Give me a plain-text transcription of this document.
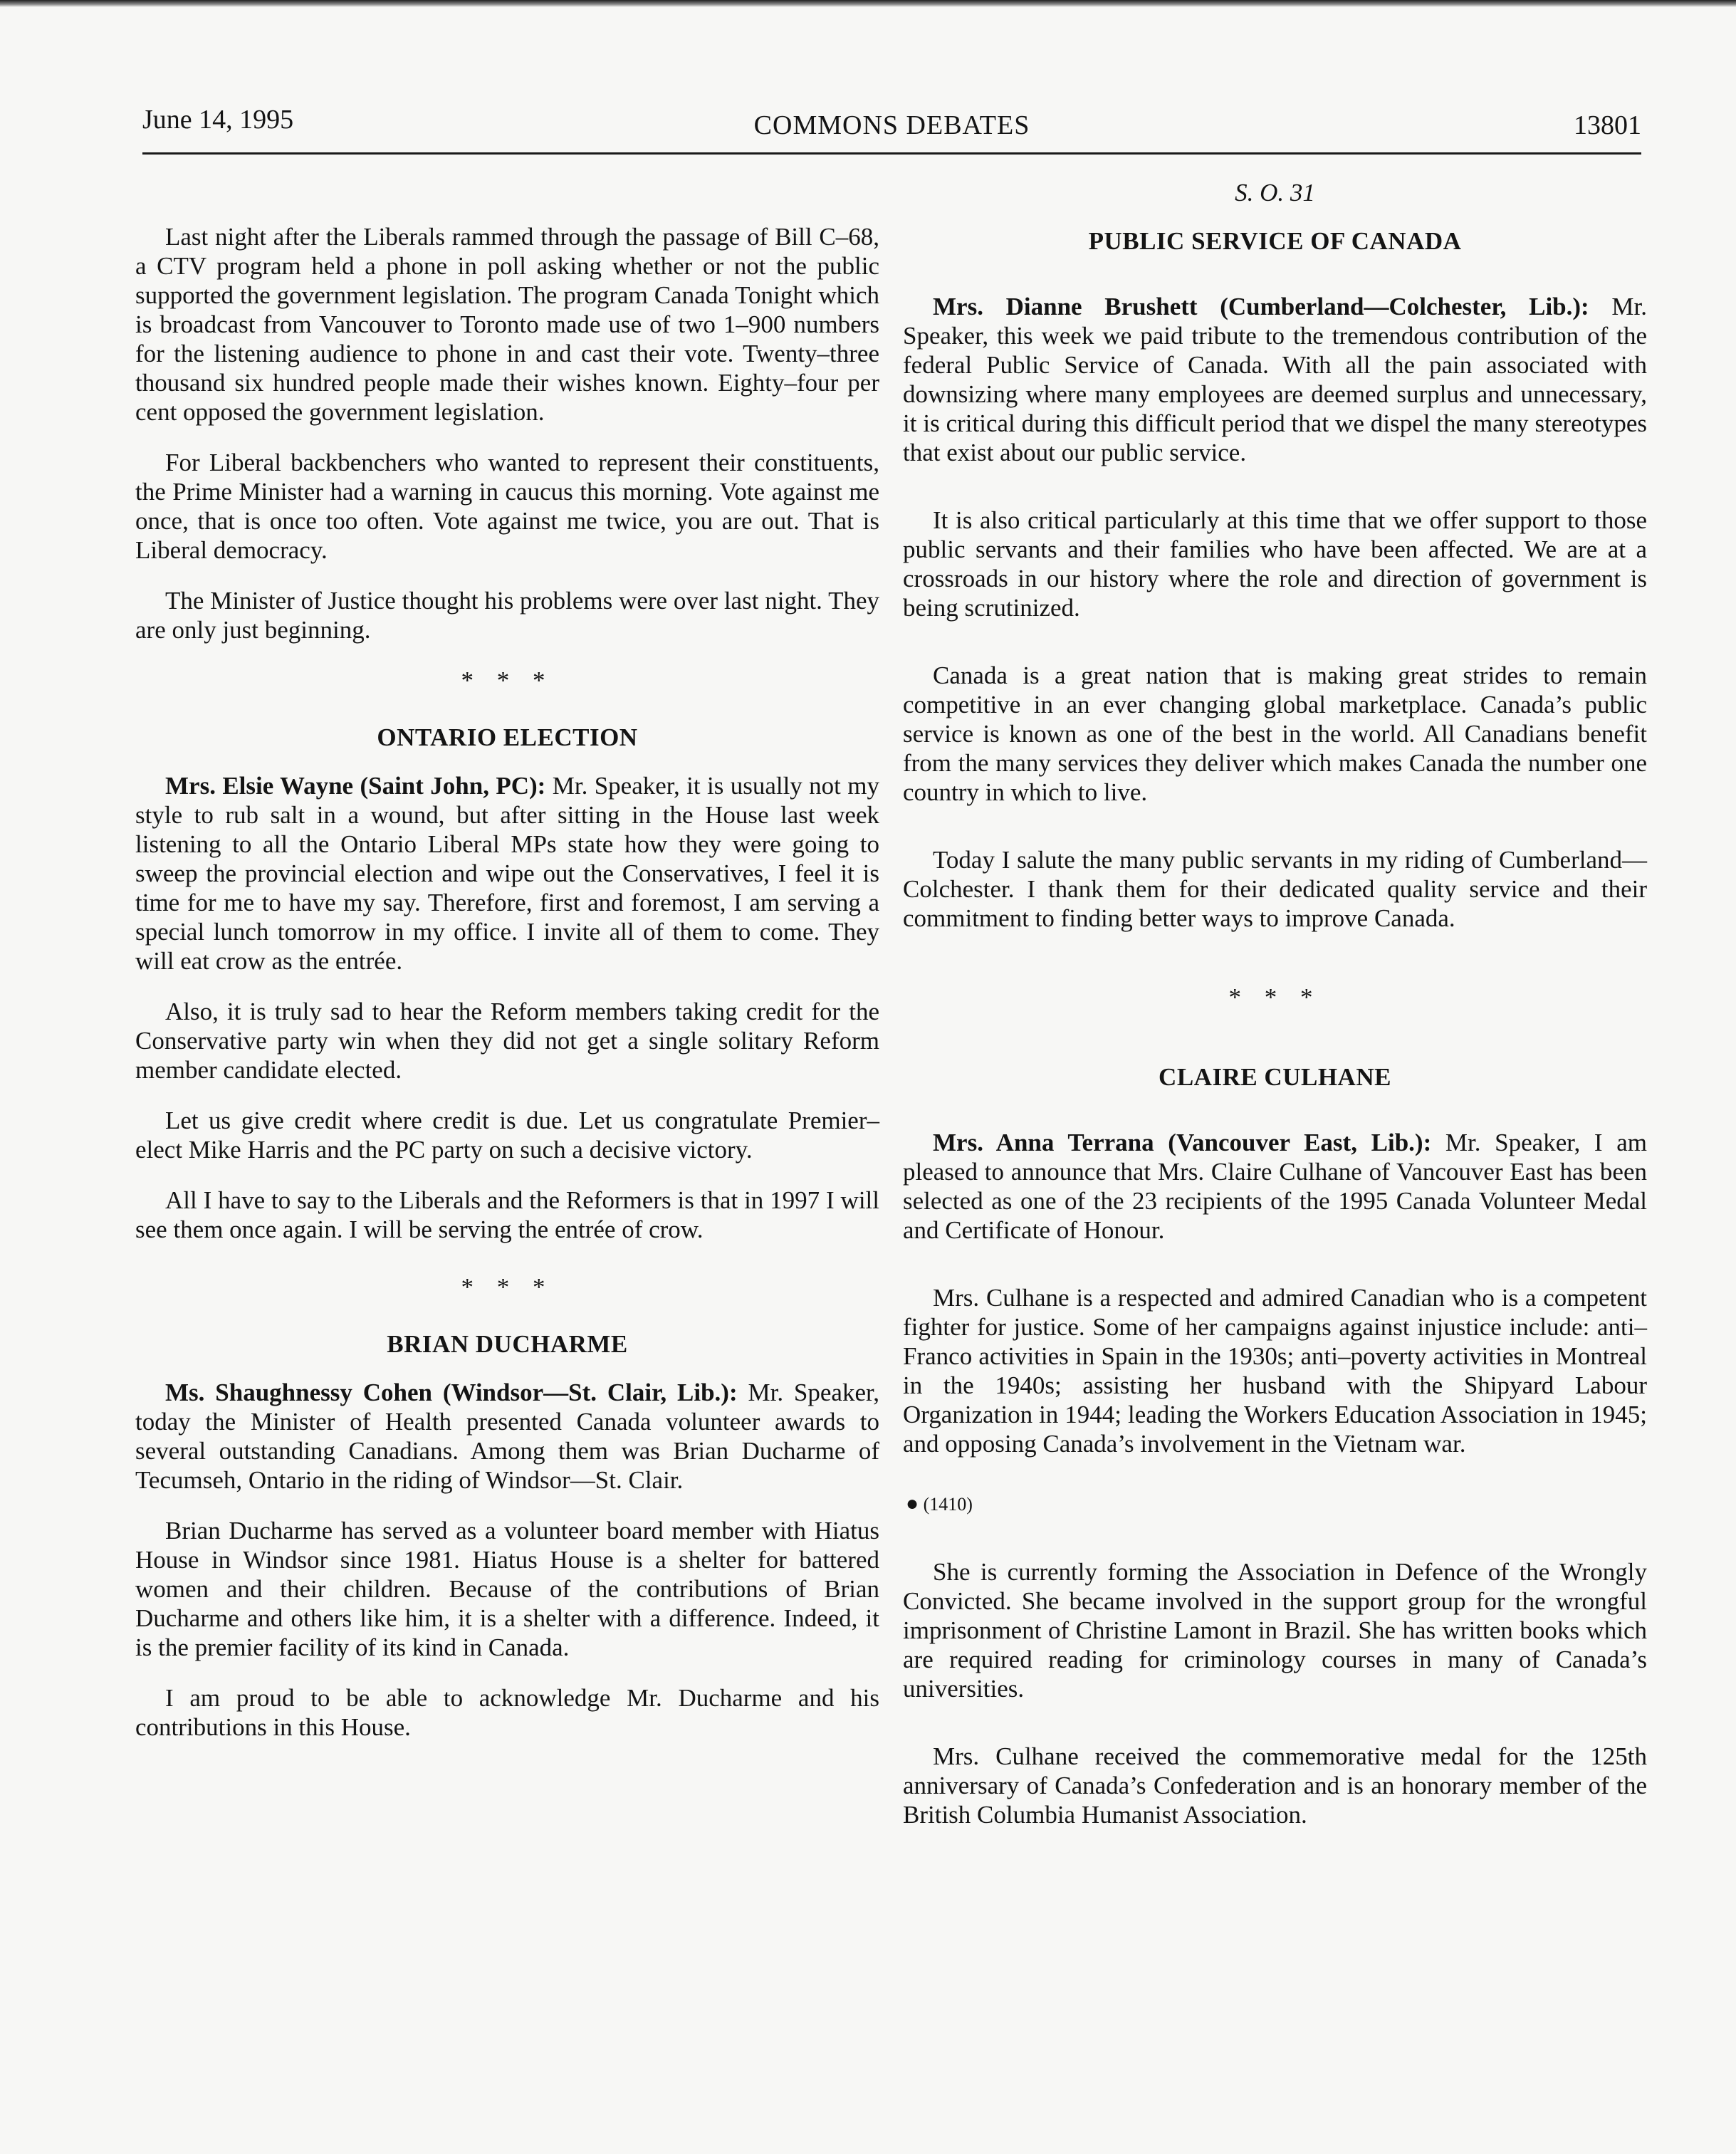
June 14, 1995	COMMONS DEBATES	13801

Last night after the Liberals rammed through the passage of Bill C–68, a CTV program held a phone in poll asking whether or not the public supported the government legislation. The program Canada Tonight which is broadcast from Vancouver to Toronto made use of two 1–900 numbers for the listening audience to phone in and cast their vote. Twenty–three thousand six hundred people made their wishes known. Eighty–four per cent opposed the government legislation.

For Liberal backbenchers who wanted to represent their constituents, the Prime Minister had a warning in caucus this morning. Vote against me once, that is once too often. Vote against me twice, you are out. That is Liberal democracy.

The Minister of Justice thought his problems were over last night. They are only just beginning.

* * *
ONTARIO ELECTION

Mrs. Elsie Wayne (Saint John, PC): Mr. Speaker, it is usually not my style to rub salt in a wound, but after sitting in the House last week listening to all the Ontario Liberal MPs state how they were going to sweep the provincial election and wipe out the Conservatives, I feel it is time for me to have my say. Therefore, first and foremost, I am serving a special lunch tomorrow in my office. I invite all of them to come. They will eat crow as the entrée.

Also, it is truly sad to hear the Reform members taking credit for the Conservative party win when they did not get a single solitary Reform member candidate elected.

Let us give credit where credit is due. Let us congratulate Premier–elect Mike Harris and the PC party on such a decisive victory.

All I have to say to the Liberals and the Reformers is that in 1997 I will see them once again. I will be serving the entrée of crow.

* * *
BRIAN DUCHARME

Ms. Shaughnessy Cohen (Windsor—St. Clair, Lib.): Mr. Speaker, today the Minister of Health presented Canada volunteer awards to several outstanding Canadians. Among them was Brian Ducharme of Tecumseh, Ontario in the riding of Windsor—St. Clair.

Brian Ducharme has served as a volunteer board member with Hiatus House in Windsor since 1981. Hiatus House is a shelter for battered women and their children. Because of the contributions of Brian Ducharme and others like him, it is a shelter with a difference. Indeed, it is the premier facility of its kind in Canada.

I am proud to be able to acknowledge Mr. Ducharme and his contributions in this House.

S. O. 31
PUBLIC SERVICE OF CANADA

Mrs. Dianne Brushett (Cumberland—Colchester, Lib.): Mr. Speaker, this week we paid tribute to the tremendous contribution of the federal Public Service of Canada. With all the pain associated with downsizing where many employees are deemed surplus and unnecessary, it is critical during this difficult period that we dispel the many stereotypes that exist about our public service.

It is also critical particularly at this time that we offer support to those public servants and their families who have been affected. We are at a crossroads in our history where the role and direction of government is being scrutinized.

Canada is a great nation that is making great strides to remain competitive in an ever changing global marketplace. Canada’s public service is known as one of the best in the world. All Canadians benefit from the many services they deliver which makes Canada the number one country in which to live.

Today I salute the many public servants in my riding of Cumberland—Colchester. I thank them for their dedicated quality service and their commitment to finding better ways to improve Canada.

* * *
CLAIRE CULHANE

Mrs. Anna Terrana (Vancouver East, Lib.): Mr. Speaker, I am pleased to announce that Mrs. Claire Culhane of Vancouver East has been selected as one of the 23 recipients of the 1995 Canada Volunteer Medal and Certificate of Honour.

Mrs. Culhane is a respected and admired Canadian who is a competent fighter for justice. Some of her campaigns against injustice include: anti–Franco activities in Spain in the 1930s; anti–poverty activities in Montreal in the 1940s; assisting her husband with the Shipyard Labour Organization in 1944; leading the Workers Education Association in 1945; and opposing Canada’s involvement in the Vietnam war.

● (1410)

She is currently forming the Association in Defence of the Wrongly Convicted. She became involved in the support group for the wrongful imprisonment of Christine Lamont in Brazil. She has written books which are required reading for criminology courses in many of Canada’s universities.

Mrs. Culhane received the commemorative medal for the 125th anniversary of Canada’s Confederation and is an honorary member of the British Columbia Humanist Association.
